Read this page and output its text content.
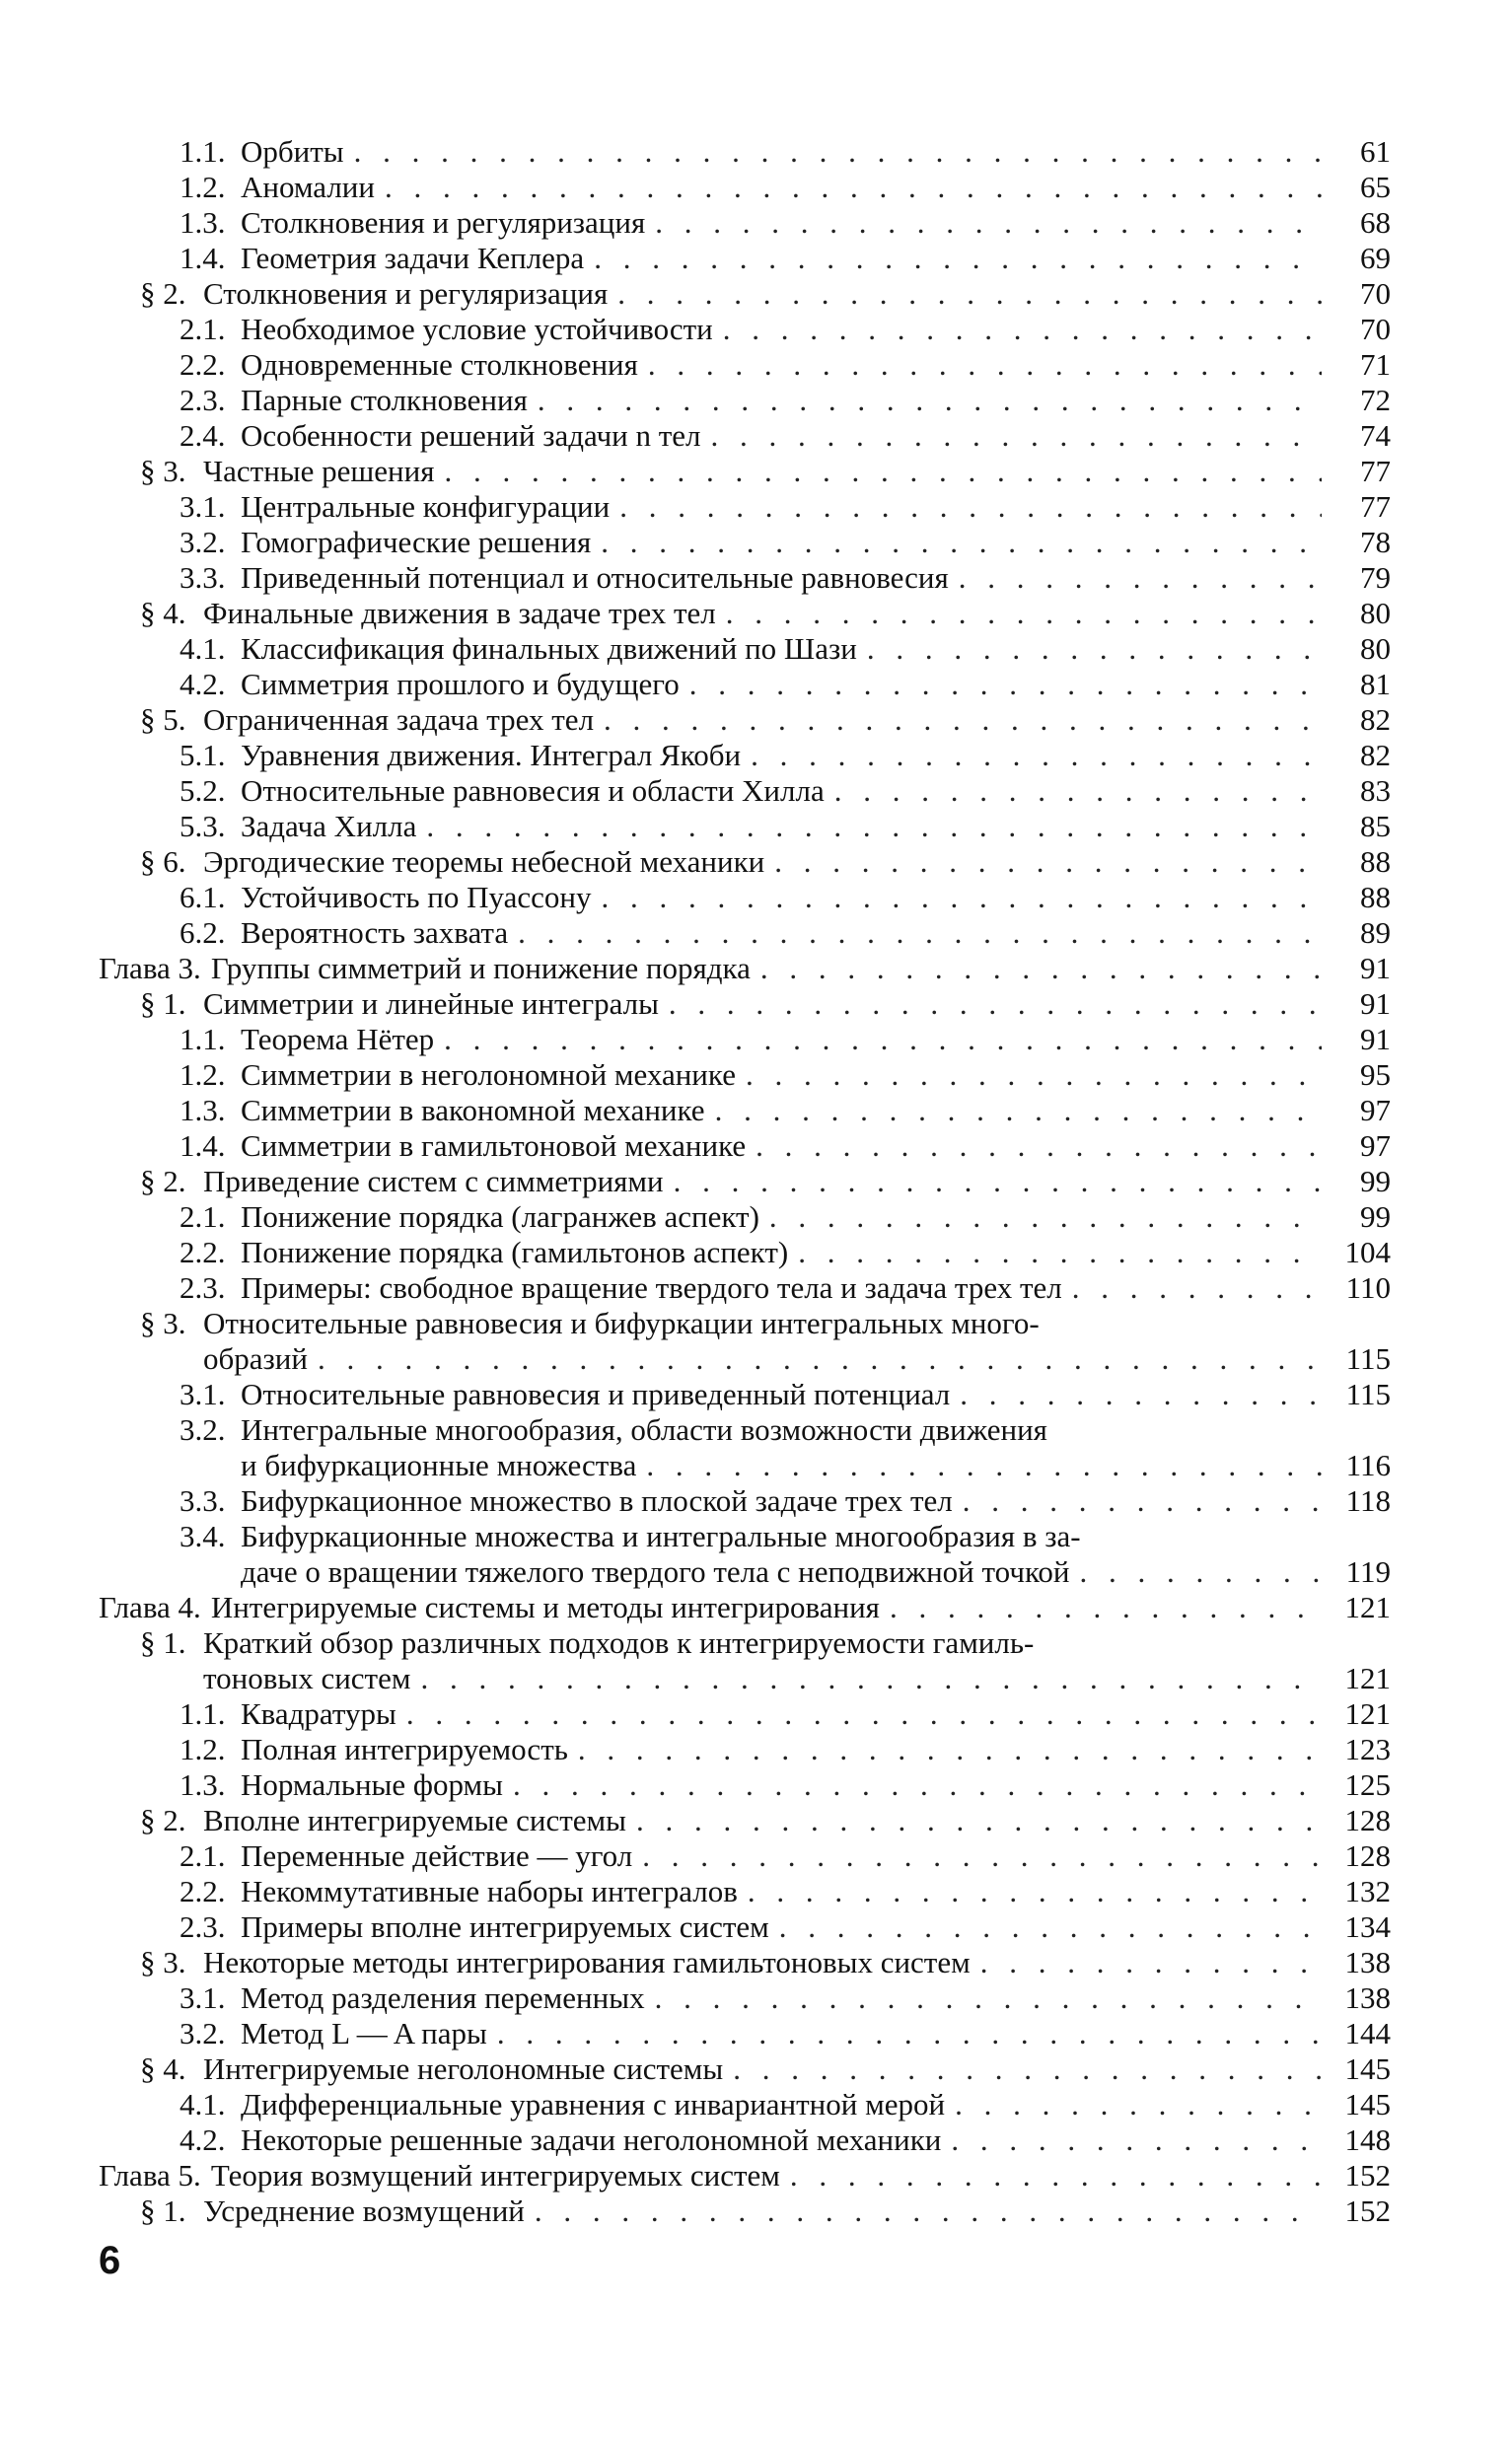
1.1. Орбиты . . .	61
1.2. Аномалии . . .	65
1.3. Столкновения и регуляризация . . .	68
1.4. Геометрия задачи Кеплера . . .	69
§ 2. Столкновения и регуляризация . . .	70
2.1. Необходимое условие устойчивости . . .	70
2.2. Одновременные столкновения . . .	71
2.3. Парные столкновения . . .	72
2.4. Особенности решений задачи n тел . . .	74
§ 3. Частные решения . . .	77
3.1. Центральные конфигурации . . .	77
3.2. Гомографические решения . . .	78
3.3. Приведенный потенциал и относительные равновесия . . .	79
§ 4. Финальные движения в задаче трех тел . . .	80
4.1. Классификация финальных движений по Шази . . .	80
4.2. Симметрия прошлого и будущего . . .	81
§ 5. Ограниченная задача трех тел . . .	82
5.1. Уравнения движения. Интеграл Якоби . . .	82
5.2. Относительные равновесия и области Хилла . . .	83
5.3. Задача Хилла . . .	85
§ 6. Эргодические теоремы небесной механики . . .	88
6.1. Устойчивость по Пуассону . . .	88
6.2. Вероятность захвата . . .	89
Глава 3. Группы симметрий и понижение порядка . . .	91
§ 1. Симметрии и линейные интегралы . . .	91
1.1. Теорема Нётер . . .	91
1.2. Симметрии в неголономной механике . . .	95
1.3. Симметрии в вакономной механике . . .	97
1.4. Симметрии в гамильтоновой механике . . .	97
§ 2. Приведение систем с симметриями . . .	99
2.1. Понижение порядка (лагранжев аспект) . . .	99
2.2. Понижение порядка (гамильтонов аспект) . . .	104
2.3. Примеры: свободное вращение твердого тела и задача трех тел . . .	110
§ 3. Относительные равновесия и бифуркации интегральных много-
образий . . .	115
3.1. Относительные равновесия и приведенный потенциал . . .	115
3.2. Интегральные многообразия, области возможности движения
и бифуркационные множества . . .	116
3.3. Бифуркационное множество в плоской задаче трех тел . . .	118
3.4. Бифуркационные множества и интегральные многообразия в за-
даче о вращении тяжелого твердого тела с неподвижной точкой . . .	119
Глава 4. Интегрируемые системы и методы интегрирования . . .	121
§ 1. Краткий обзор различных подходов к интегрируемости гамиль-
тоновых систем . . .	121
1.1. Квадратуры . . .	121
1.2. Полная интегрируемость . . .	123
1.3. Нормальные формы . . .	125
§ 2. Вполне интегрируемые системы . . .	128
2.1. Переменные действие — угол . . .	128
2.2. Некоммутативные наборы интегралов . . .	132
2.3. Примеры вполне интегрируемых систем . . .	134
§ 3. Некоторые методы интегрирования гамильтоновых систем . . .	138
3.1. Метод разделения переменных . . .	138
3.2. Метод L — A пары . . .	144
§ 4. Интегрируемые неголономные системы . . .	145
4.1. Дифференциальные уравнения с инвариантной мерой . . .	145
4.2. Некоторые решенные задачи неголономной механики . . .	148
Глава 5. Теория возмущений интегрируемых систем . . .	152
§ 1. Усреднение возмущений . . .	152
6
